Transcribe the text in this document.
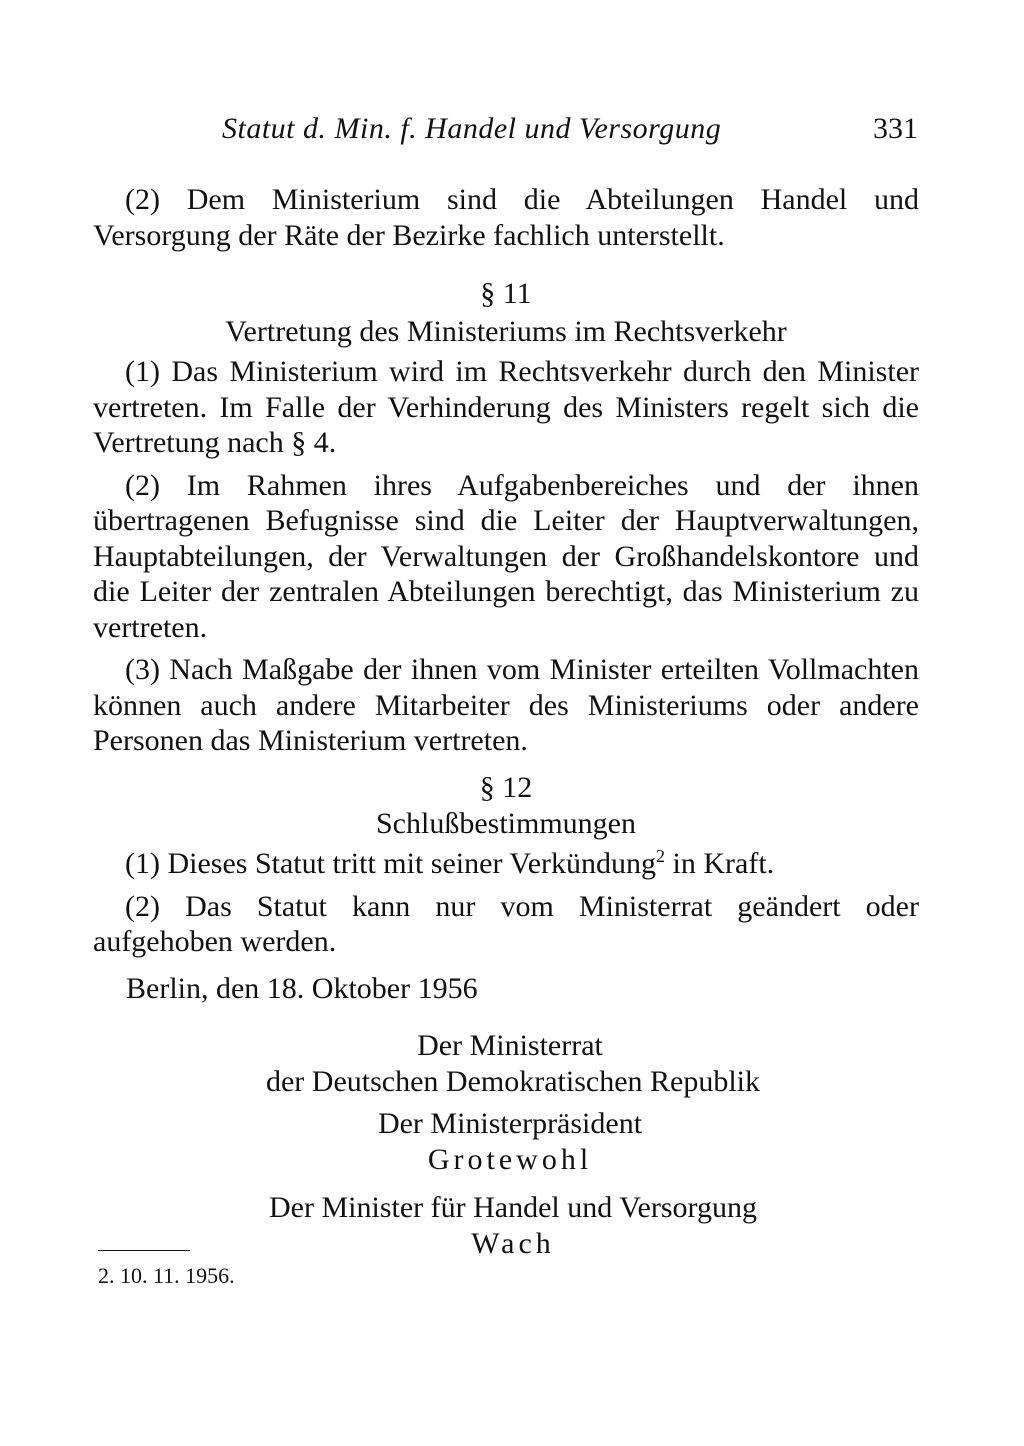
Statut d. Min. f. Handel und Versorgung	331

(2) Dem Ministerium sind die Abteilungen Handel und Versorgung der Räte der Bezirke fachlich unterstellt.

§ 11
Vertretung des Ministeriums im Rechtsverkehr

(1) Das Ministerium wird im Rechtsverkehr durch den Minister vertreten. Im Falle der Verhinderung des Ministers regelt sich die Vertretung nach § 4.

(2) Im Rahmen ihres Aufgabenbereiches und der ihnen übertragenen Befugnisse sind die Leiter der Hauptverwaltungen, Hauptabteilungen, der Verwaltungen der Großhandelskontore und die Leiter der zentralen Abteilungen berechtigt, das Ministerium zu vertreten.

(3) Nach Maßgabe der ihnen vom Minister erteilten Vollmachten können auch andere Mitarbeiter des Ministeriums oder andere Personen das Ministerium vertreten.

§ 12
Schlußbestimmungen

(1) Dieses Statut tritt mit seiner Verkündung$^2$ in Kraft.

(2) Das Statut kann nur vom Ministerrat geändert oder aufgehoben werden.

Berlin, den 18. Oktober 1956
Der Ministerrat
der Deutschen Demokratischen Republik
Der Ministerpräsident
Grotewohl
Der Minister für Handel und Versorgung
Wach
2. 10. 11. 1956.
